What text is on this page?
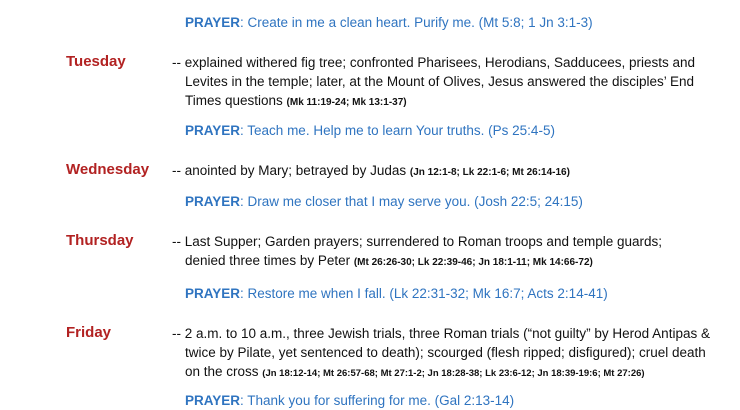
PRAYER: Create in me a clean heart. Purify me. (Mt 5:8; 1 Jn 3:1-3)
Tuesday	-- explained withered fig tree; confronted Pharisees, Herodians, Sadducees, priests and
Levites in the temple; later, at the Mount of Olives, Jesus answered the disciples’ End
Times questions (Mk 11:19-24; Mk 13:1-37)
PRAYER: Teach me. Help me to learn Your truths. (Ps 25:4-5)
Wednesday -- anointed by Mary; betrayed by Judas (Jn 12:1-8; Lk 22:1-6; Mt 26:14-16)
PRAYER: Draw me closer that I may serve you. (Josh 22:5; 24:15)
Thursday	-- Last Supper; Garden prayers; surrendered to Roman troops and temple guards;
denied three times by Peter (Mt 26:26-30; Lk 22:39-46; Jn 18:1-11; Mk 14:66-72)
PRAYER: Restore me when I fall. (Lk 22:31-32; Mk 16:7; Acts 2:14-41)
Friday	-- 2 a.m. to 10 a.m., three Jewish trials, three Roman trials (“not guilty” by Herod Antipas &
twice by Pilate, yet sentenced to death); scourged (flesh ripped; disfigured); cruel death
on the cross (Jn 18:12-14; Mt 26:57-68; Mt 27:1-2; Jn 18:28-38; Lk 23:6-12; Jn 18:39-19:6; Mt 27:26)
PRAYER: Thank you for suffering for me. (Gal 2:13-14)
